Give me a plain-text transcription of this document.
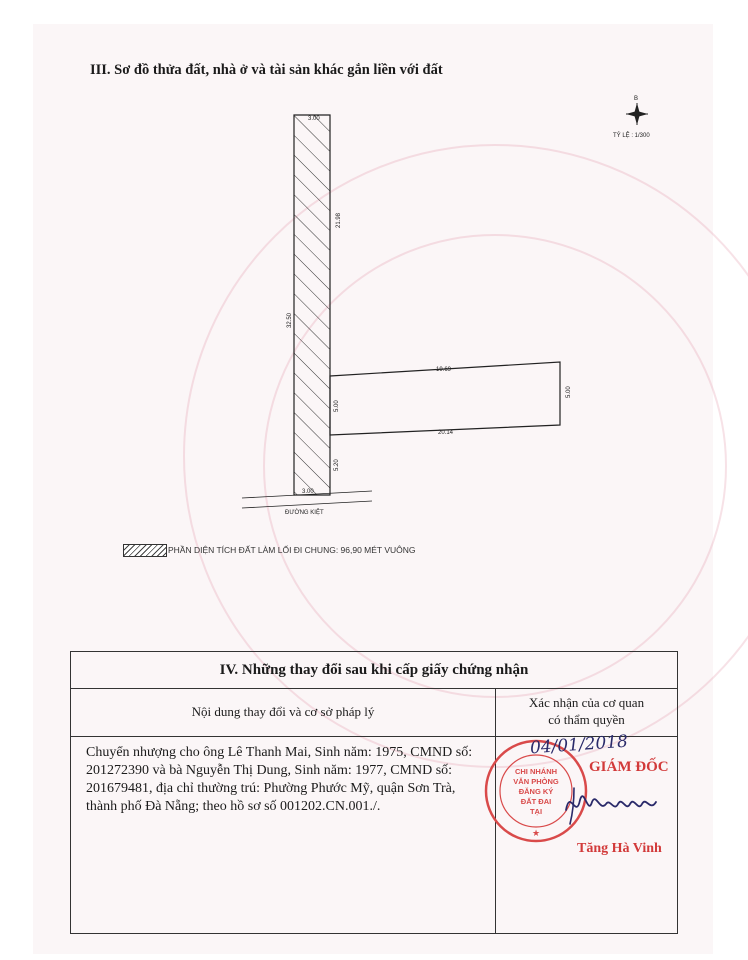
III. Sơ đồ thửa đất, nhà ở và tài sản khác gắn liền với đất
3.00
3.00
32.50
21.98
5.00
5.20
19.69
20.14
5.00
ĐƯỜNG KIỆT
B
TỶ LỆ : 1/300
PHẦN DIỆN TÍCH ĐẤT LÀM LỐI ĐI CHUNG: 96,90 MÉT VUÔNG
IV. Những thay đổi sau khi cấp giấy chứng nhận
Nội dung thay đổi và cơ sở pháp lý
Xác nhận của cơ quan
có thẩm quyền
Chuyển nhượng cho ông Lê Thanh Mai, Sinh năm: 1975, CMND số: 201272390 và bà Nguyễn Thị Dung, Sinh năm: 1977, CMND số: 201679481, địa chỉ thường trú: Phường Phước Mỹ, quận Sơn Trà, thành phố Đà Nẵng; theo hồ sơ số 001202.CN.001./.
CHI NHÁNH
VĂN PHÒNG
ĐĂNG KÝ
ĐẤT ĐAI
TẠI
★
04/01/2018
GIÁM ĐỐC
Tăng Hà Vinh
